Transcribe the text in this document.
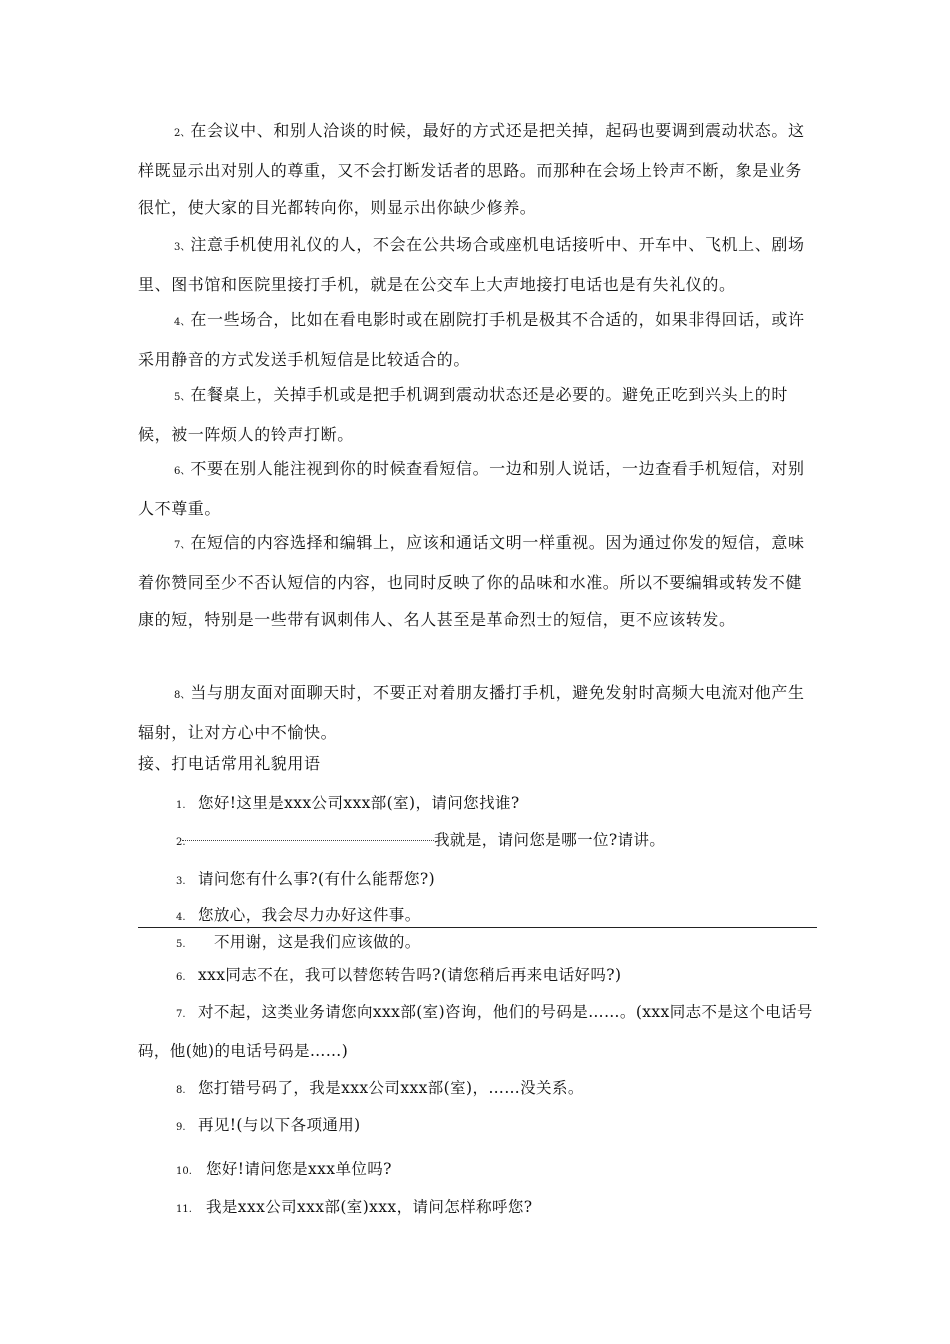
2、在会议中、和别人洽谈的时候，最好的方式还是把关掉，起码也要调到震动状态。这样既显示出对别人的尊重，又不会打断发话者的思路。而那种在会场上铃声不断，象是业务很忙，使大家的目光都转向你，则显示出你缺少修养。

3、注意手机使用礼仪的人，不会在公共场合或座机电话接听中、开车中、飞机上、剧场里、图书馆和医院里接打手机，就是在公交车上大声地接打电话也是有失礼仪的。

4、在一些场合，比如在看电影时或在剧院打手机是极其不合适的，如果非得回话，或许采用静音的方式发送手机短信是比较适合的。

5、在餐桌上，关掉手机或是把手机调到震动状态还是必要的。避免正吃到兴头上的时候，被一阵烦人的铃声打断。

6、不要在别人能注视到你的时候查看短信。一边和别人说话，一边查看手机短信，对别人不尊重。

7、在短信的内容选择和编辑上，应该和通话文明一样重视。因为通过你发的短信，意味着你赞同至少不否认短信的内容，也同时反映了你的品味和水准。所以不要编辑或转发不健康的短，特别是一些带有讽刺伟人、名人甚至是革命烈士的短信，更不应该转发。

8、当与朋友面对面聊天时，不要正对着朋友播打手机，避免发射时高频大电流对他产生辐射，让对方心中不愉快。

接、打电话常用礼貌用语

1. 您好!这里是xxx公司xxx部(室)，请问您找谁?

2.	我就是，请问您是哪一位?请讲。

3. 请问您有什么事?(有什么能帮您?)

4. 您放心，我会尽力办好这件事。

5. 不用谢，这是我们应该做的。

6. xxx同志不在，我可以替您转告吗?(请您稍后再来电话好吗?)

7. 对不起，这类业务请您向xxx部(室)咨询，他们的号码是……。(xxx同志不是这个电话号码，他(她)的电话号码是……)

8. 您打错号码了，我是xxx公司xxx部(室)，……没关系。

9. 再见!(与以下各项通用)

10. 您好!请问您是xxx单位吗?

11. 我是xxx公司xxx部(室)xxx，请问怎样称呼您?
